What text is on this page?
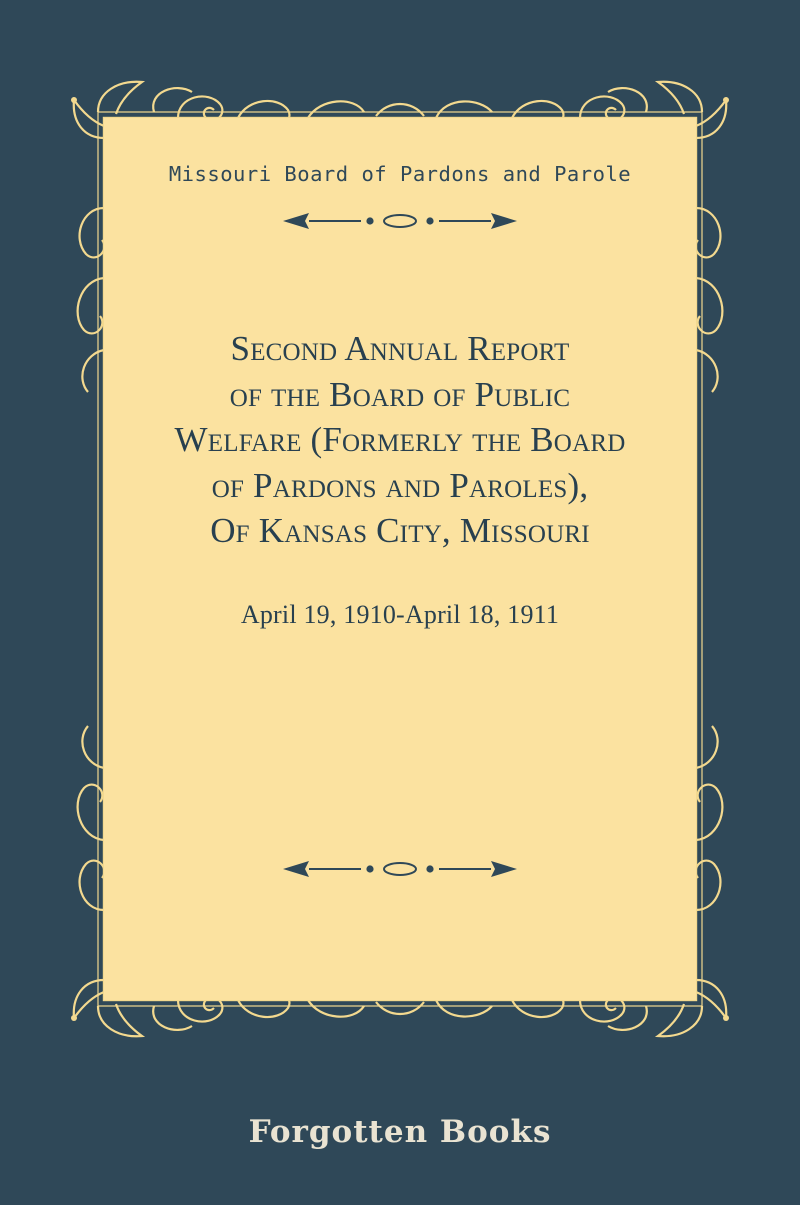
Missouri Board of Pardons and Parole
Second Annual Report
of the Board of Public
Welfare (Formerly the Board
of Pardons and Paroles),
Of Kansas City, Missouri
April 19, 1910-April 18, 1911
Forgotten Books
